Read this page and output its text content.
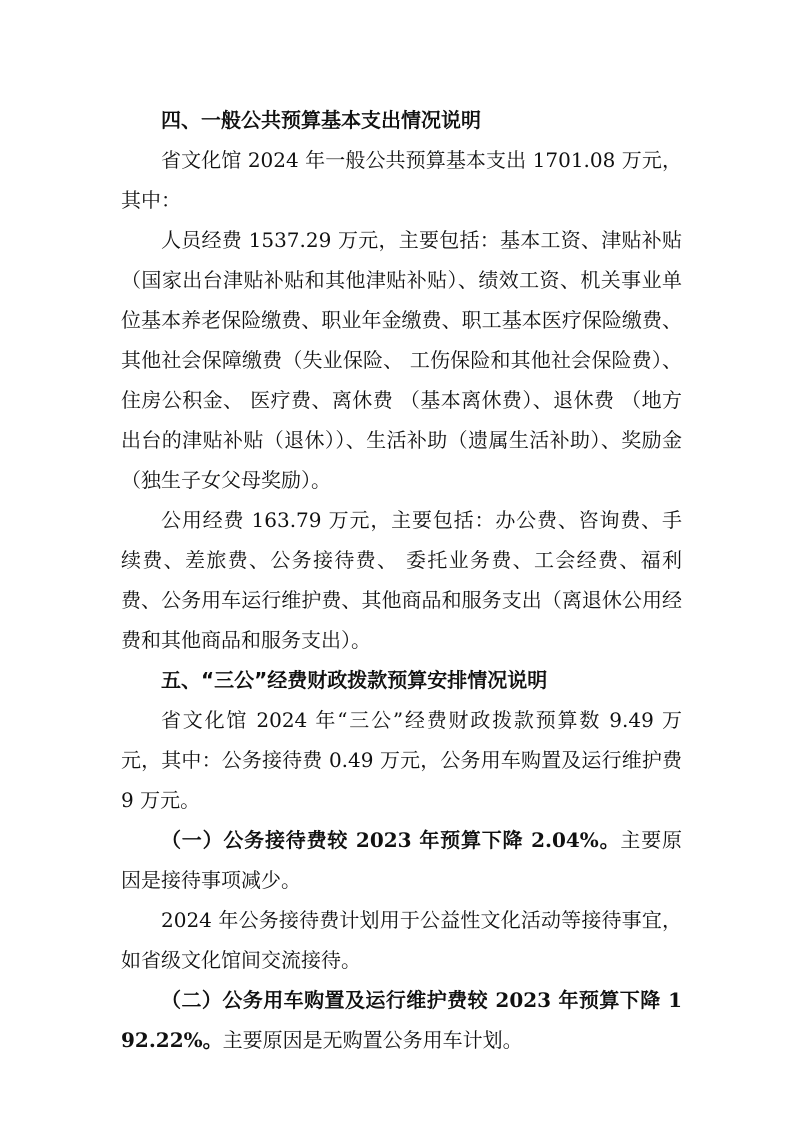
四、一般公共预算基本支出情况说明

省文化馆 2024 年一般公共预算基本支出 1701.08 万元，其中：

人员经费 1537.29 万元，主要包括：基本工资、津贴补贴（国家出台津贴补贴和其他津贴补贴）、绩效工资、机关事业单位基本养老保险缴费、职业年金缴费、职工基本医疗保险缴费、其他社会保障缴费（失业保险、 工伤保险和其他社会保险费）、住房公积金、 医疗费、离休费 （基本离休费）、退休费 （地方出台的津贴补贴（退休））、生活补助（遗属生活补助）、奖励金（独生子女父母奖励）。

公用经费 163.79 万元，主要包括：办公费、咨询费、手续费、差旅费、公务接待费、 委托业务费、工会经费、福利费、公务用车运行维护费、其他商品和服务支出（离退休公用经费和其他商品和服务支出）。

五、“三公”经费财政拨款预算安排情况说明

省文化馆 2024 年“三公”经费财政拨款预算数 9.49 万元，其中：公务接待费 0.49 万元，公务用车购置及运行维护费 9 万元。

（一）公务接待费较 2023 年预算下降 2.04%。主要原因是接待事项减少。

2024 年公务接待费计划用于公益性文化活动等接待事宜，如省级文化馆间交流接待。

（二）公务用车购置及运行维护费较 2023 年预算下降 192.22%。主要原因是无购置公务用车计划。
